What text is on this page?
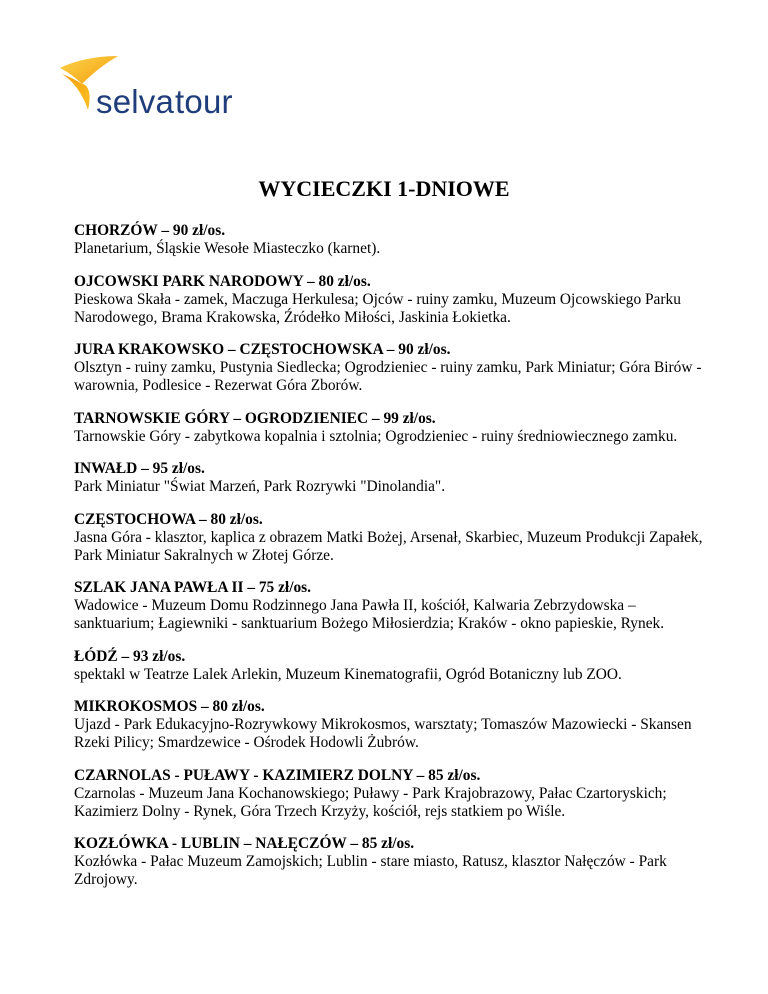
selvatour
WYCIECZKI 1-DNIOWE
CHORZÓW – 90 zł/os.
Planetarium, Śląskie Wesołe Miasteczko (karnet).
OJCOWSKI PARK NARODOWY – 80 zł/os.
Pieskowa Skała - zamek, Maczuga Herkulesa; Ojców - ruiny zamku, Muzeum Ojcowskiego Parku Narodowego, Brama Krakowska, Źródełko Miłości, Jaskinia Łokietka.
JURA KRAKOWSKO – CZĘSTOCHOWSKA – 90 zł/os.
Olsztyn - ruiny zamku, Pustynia Siedlecka; Ogrodzieniec - ruiny zamku, Park Miniatur; Góra Birów - warownia, Podlesice - Rezerwat Góra Zborów.
TARNOWSKIE GÓRY – OGRODZIENIEC – 99 zł/os.
Tarnowskie Góry - zabytkowa kopalnia i sztolnia; Ogrodzieniec - ruiny średniowiecznego zamku.
INWAŁD – 95 zł/os.
Park Miniatur "Świat Marzeń, Park Rozrywki "Dinolandia".
CZĘSTOCHOWA – 80 zł/os.
Jasna Góra - klasztor, kaplica z obrazem Matki Bożej, Arsenał, Skarbiec, Muzeum Produkcji Zapałek, Park Miniatur Sakralnych w Złotej Górze.
SZLAK JANA PAWŁA II – 75 zł/os.
Wadowice - Muzeum Domu Rodzinnego Jana Pawła II, kościół, Kalwaria Zebrzydowska – sanktuarium; Łagiewniki - sanktuarium Bożego Miłosierdzia; Kraków - okno papieskie, Rynek.
ŁÓDŹ – 93 zł/os.
spektakl w Teatrze Lalek Arlekin, Muzeum Kinematografii, Ogród Botaniczny lub ZOO.
MIKROKOSMOS – 80 zł/os.
Ujazd - Park Edukacyjno-Rozrywkowy Mikrokosmos, warsztaty; Tomaszów Mazowiecki - Skansen Rzeki Pilicy; Smardzewice - Ośrodek Hodowli Żubrów.
CZARNOLAS - PUŁAWY - KAZIMIERZ DOLNY – 85 zł/os.
Czarnolas - Muzeum Jana Kochanowskiego; Puławy - Park Krajobrazowy, Pałac Czartoryskich; Kazimierz Dolny - Rynek, Góra Trzech Krzyży, kościół, rejs statkiem po Wiśle.
KOZŁÓWKA - LUBLIN – NAŁĘCZÓW – 85 zł/os.
Kozłówka - Pałac Muzeum Zamojskich; Lublin - stare miasto, Ratusz, klasztor Nałęczów - Park Zdrojowy.
